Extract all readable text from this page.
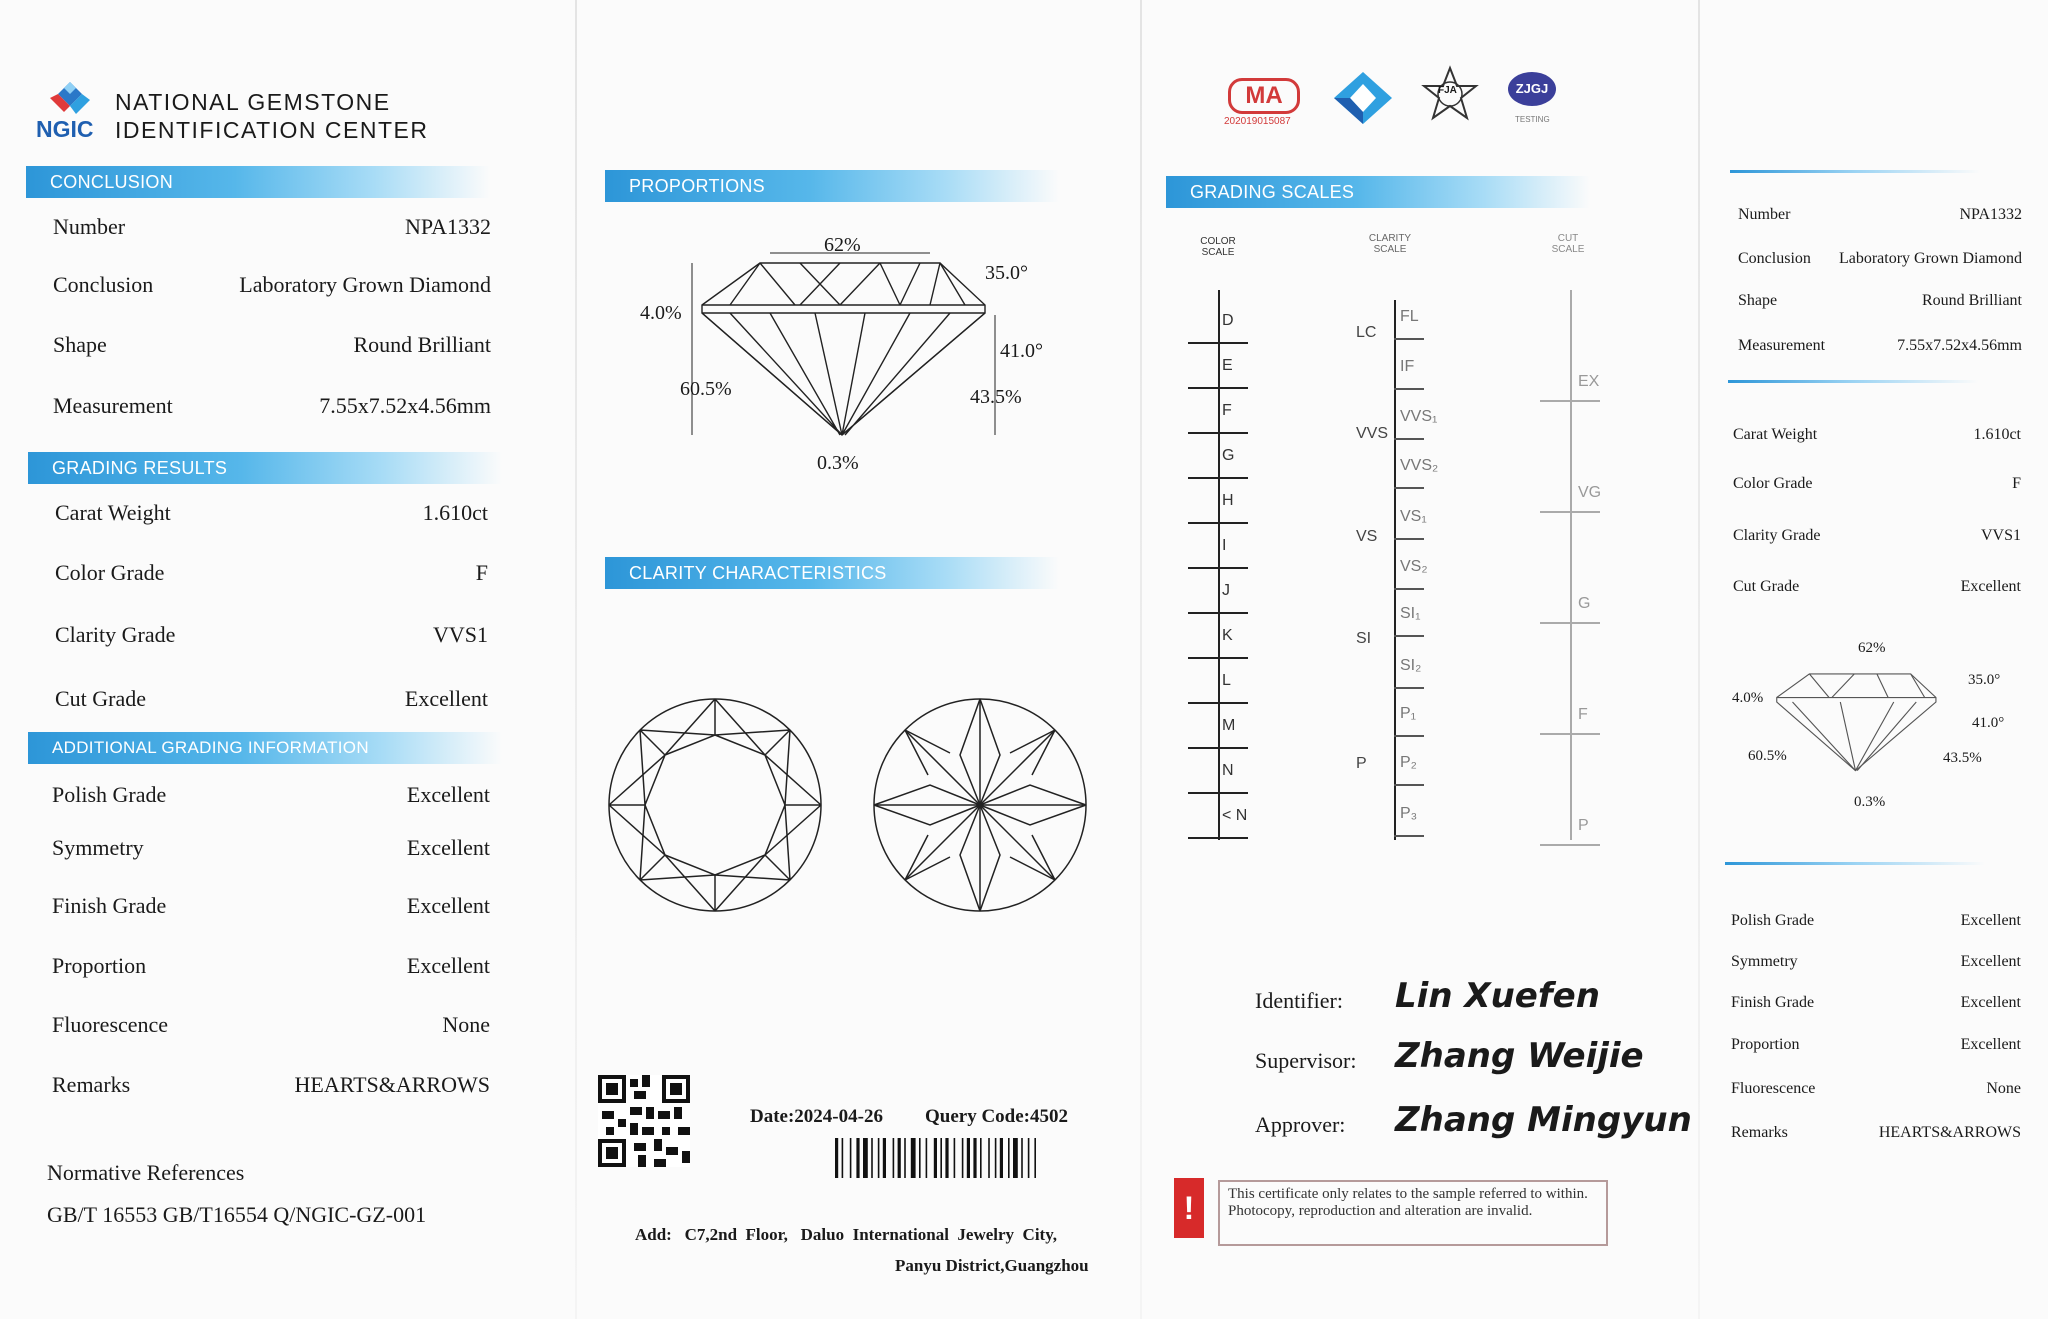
NGIC
NATIONAL GEMSTONE
IDENTIFICATION CENTER
CONCLUSION
Number	NPA1332
Conclusion	Laboratory Grown Diamond
Shape	Round Brilliant
Measurement	7.55x7.52x4.56mm
GRADING RESULTS
Carat Weight	1.610ct
Color Grade	F
Clarity Grade	VVS1
Cut Grade	Excellent
ADDITIONAL GRADING INFORMATION
Polish Grade	Excellent
Symmetry	Excellent
Finish Grade	Excellent
Proportion	Excellent
Fluorescence	None
Remarks	HEARTS&ARROWS
Normative References
GB/T 16553 GB/T16554 Q/NGIC-GZ-001
PROPORTIONS
62%
35.0°
4.0%
41.0°
60.5%	43.5%
0.3%
CLARITY CHARACTERISTICS
Date:2024-04-26 Query Code:4502
Add:   C7,2nd  Floor,   Daluo  International  Jewelry  City,
Panyu District,Guangzhou
MA
202019015087
FJA	ZJGJ
TESTING
GRADING SCALES
COLOR
SCALE
CLARITY
SCALE
CUT
SCALE
D
E
F
G
H
I
J
K
L
M
N
< N
FL
IF
VVS₁
VVS₂
VS₁
VS₂
SI₁
SI₂
P₁
P₂
P₃
LC
VVS
VS
SI
P
EX
VG
G
F
P
Identifier: Lin Xuefen
Supervisor: Zhang Weijie
Approver: Zhang Mingyun
!	This certificate only relates to the sample referred to within. Photocopy, reproduction and alteration are invalid.
Number	NPA1332
Conclusion Laboratory Grown Diamond
Shape	Round Brilliant
Measurement	7.55x7.52x4.56mm
Carat Weight	1.610ct
Color Grade	F
Clarity Grade	VVS1
Cut Grade	Excellent
62%
35.0°
4.0%
41.0°
60.5%	43.5%
0.3%
Polish Grade	Excellent
Symmetry	Excellent
Finish Grade	Excellent
Proportion	Excellent
Fluorescence	None
Remarks	HEARTS&ARROWS
